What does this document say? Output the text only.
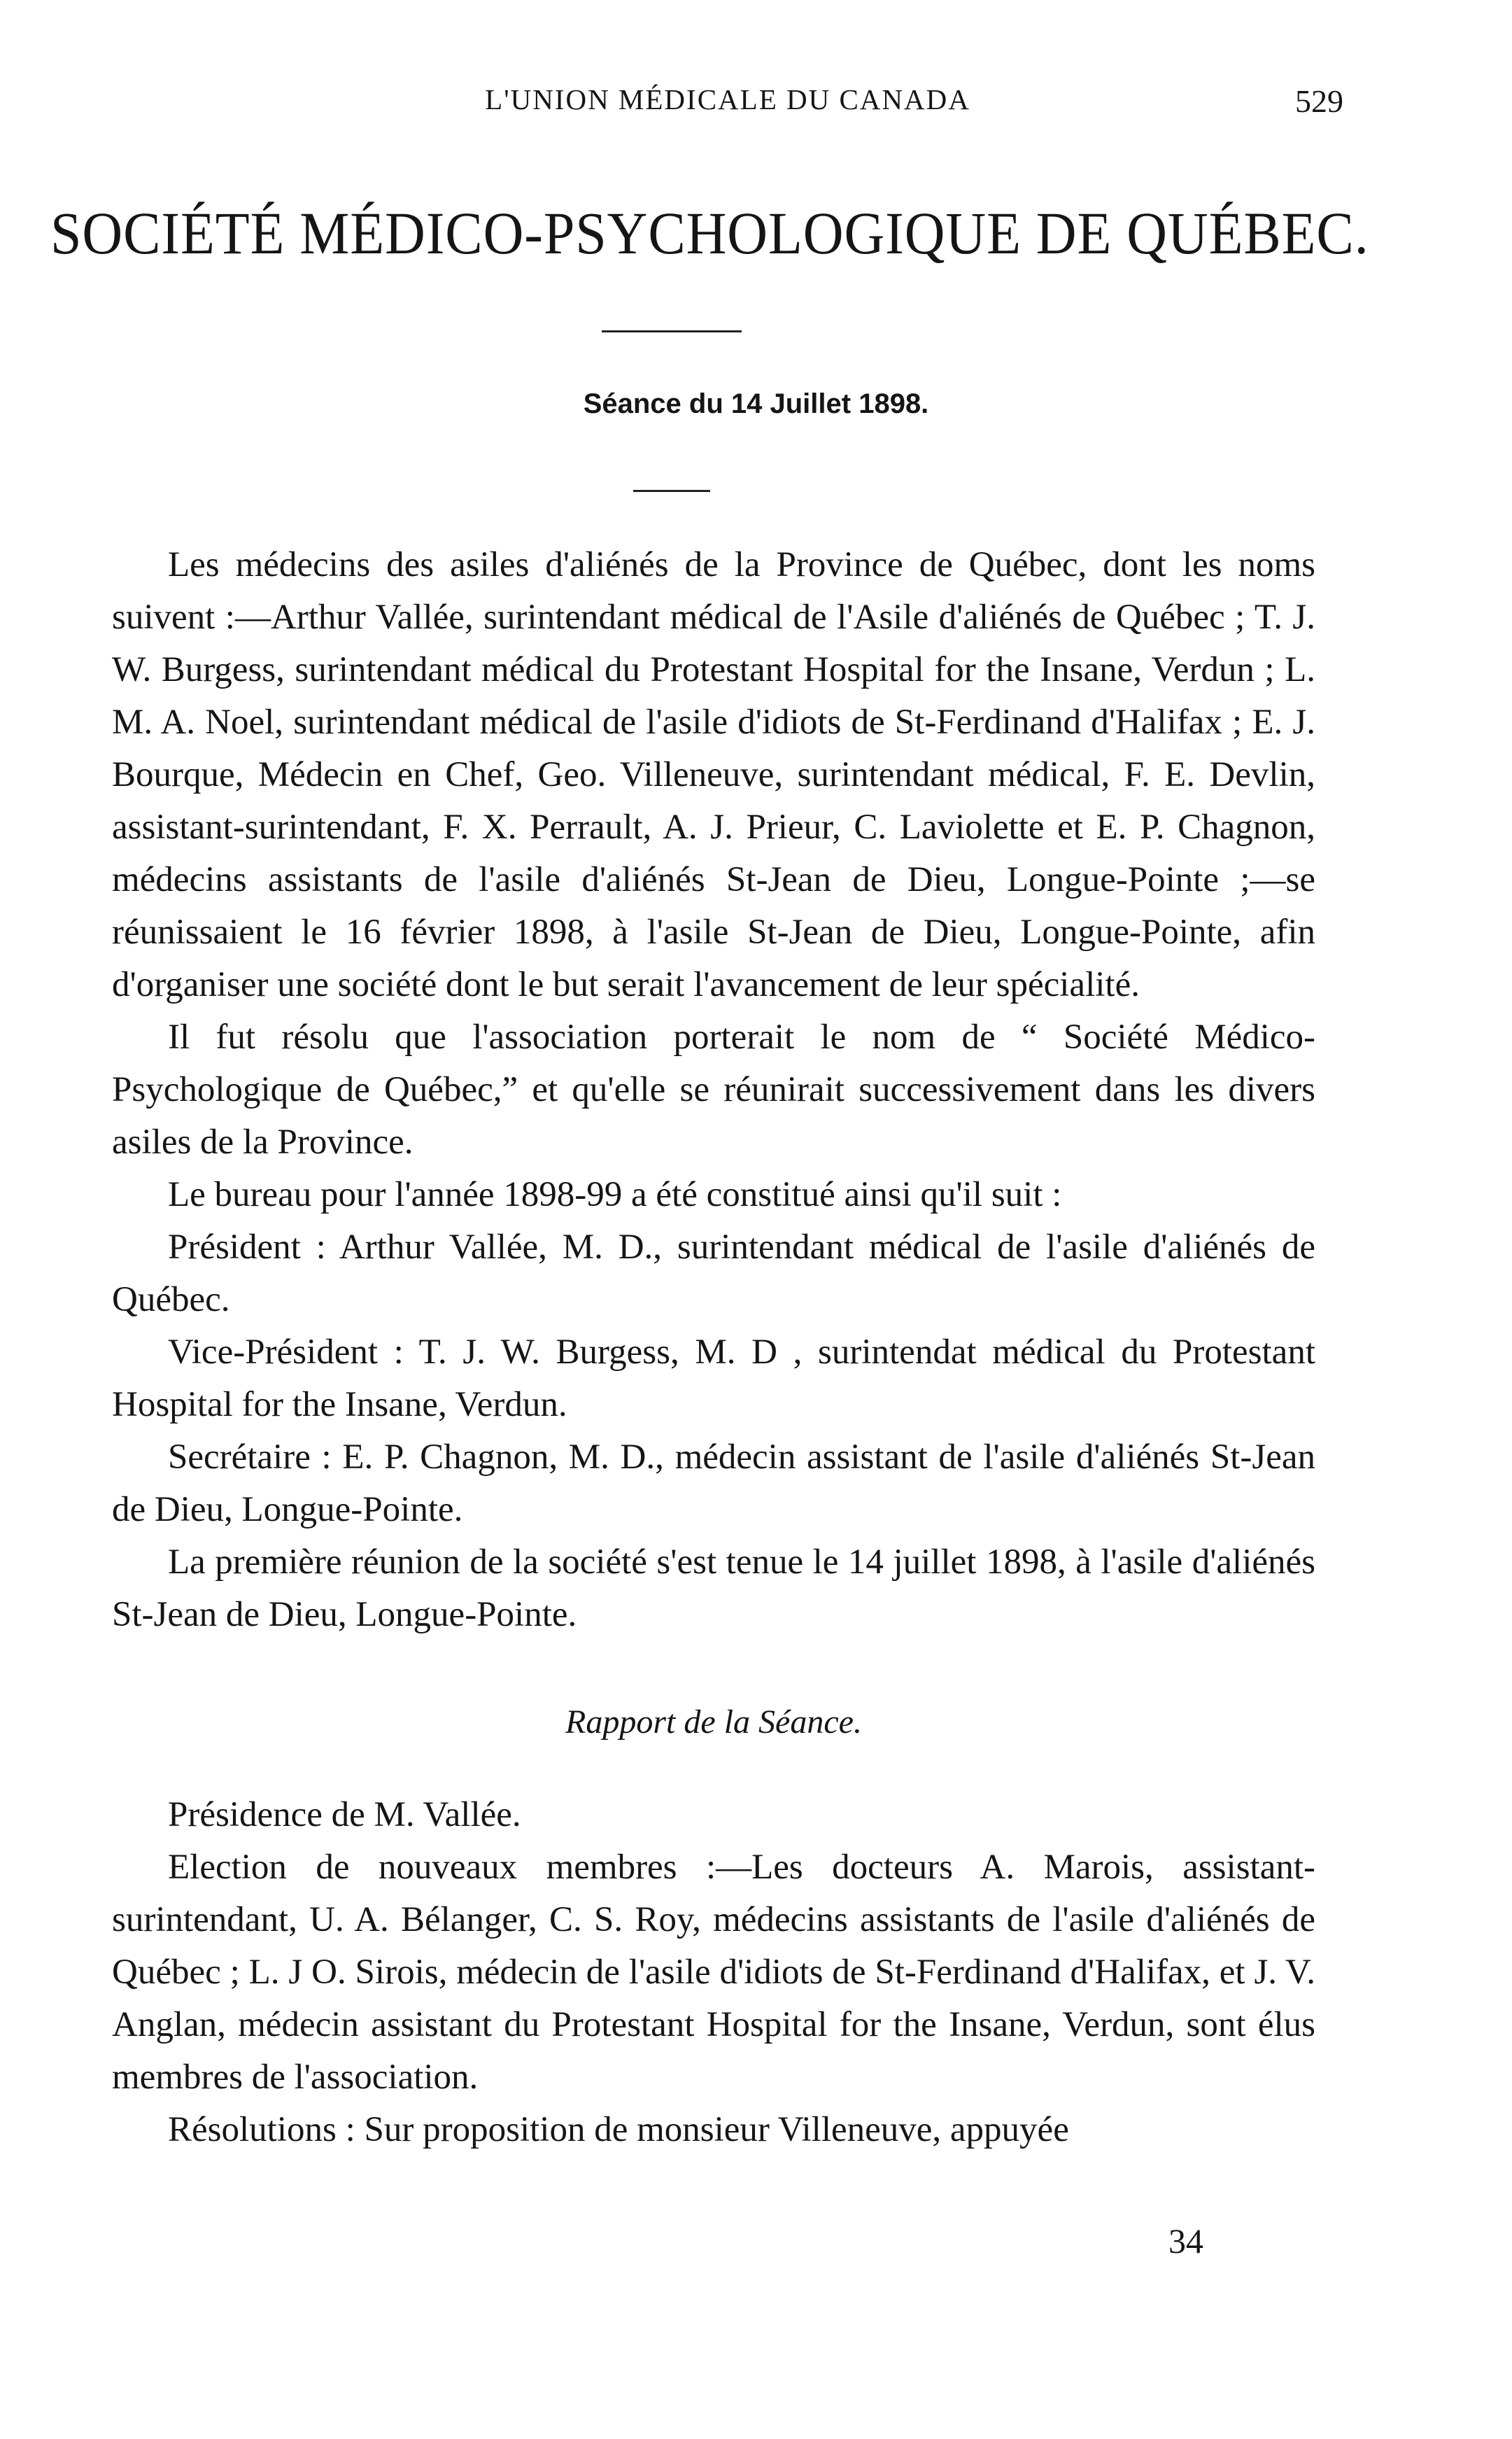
L'UNION MÉDICALE DU CANADA	529
SOCIÉTÉ MÉDICO-PSYCHOLOGIQUE DE QUÉBEC.
Séance du 14 Juillet 1898.

Les médecins des asiles d'aliénés de la Province de Québec, dont les noms suivent :—Arthur Vallée, surintendant médical de l'Asile d'aliénés de Québec ; T. J. W. Burgess, surintendant médical du Protestant Hospital for the Insane, Verdun ; L. M. A. Noel, surintendant médical de l'asile d'idiots de St-Ferdinand d'Halifax ; E. J. Bourque, Médecin en Chef, Geo. Villeneuve, surintendant médical, F. E. Devlin, assistant-surintendant, F. X. Perrault, A. J. Prieur, C. Laviolette et E. P. Chagnon, médecins assistants de l'asile d'aliénés St-Jean de Dieu, Longue-Pointe ;—se réunissaient le 16 février 1898, à l'asile St-Jean de Dieu, Longue-Pointe, afin d'organiser une société dont le but serait l'avancement de leur spécialité.

Il fut résolu que l'association porterait le nom de “ Société Médico-Psychologique de Québec,” et qu'elle se réunirait successivement dans les divers asiles de la Province.

Le bureau pour l'année 1898-99 a été constitué ainsi qu'il suit :

Président : Arthur Vallée, M. D., surintendant médical de l'asile d'aliénés de Québec.

Vice-Président : T. J. W. Burgess, M. D , surintendat médical du Protestant Hospital for the Insane, Verdun.

Secrétaire : E. P. Chagnon, M. D., médecin assistant de l'asile d'aliénés St-Jean de Dieu, Longue-Pointe.

La première réunion de la société s'est tenue le 14 juillet 1898, à l'asile d'aliénés St-Jean de Dieu, Longue-Pointe.

Rapport de la Séance.

Présidence de M. Vallée.

Election de nouveaux membres :—Les docteurs A. Marois, assistant-surintendant, U. A. Bélanger, C. S. Roy, médecins assistants de l'asile d'aliénés de Québec ; L. J O. Sirois, médecin de l'asile d'idiots de St-Ferdinand d'Halifax, et J. V. Anglan, médecin assistant du Protestant Hospital for the Insane, Verdun, sont élus membres de l'association.

Résolutions : Sur proposition de monsieur Villeneuve, appuyée

34
